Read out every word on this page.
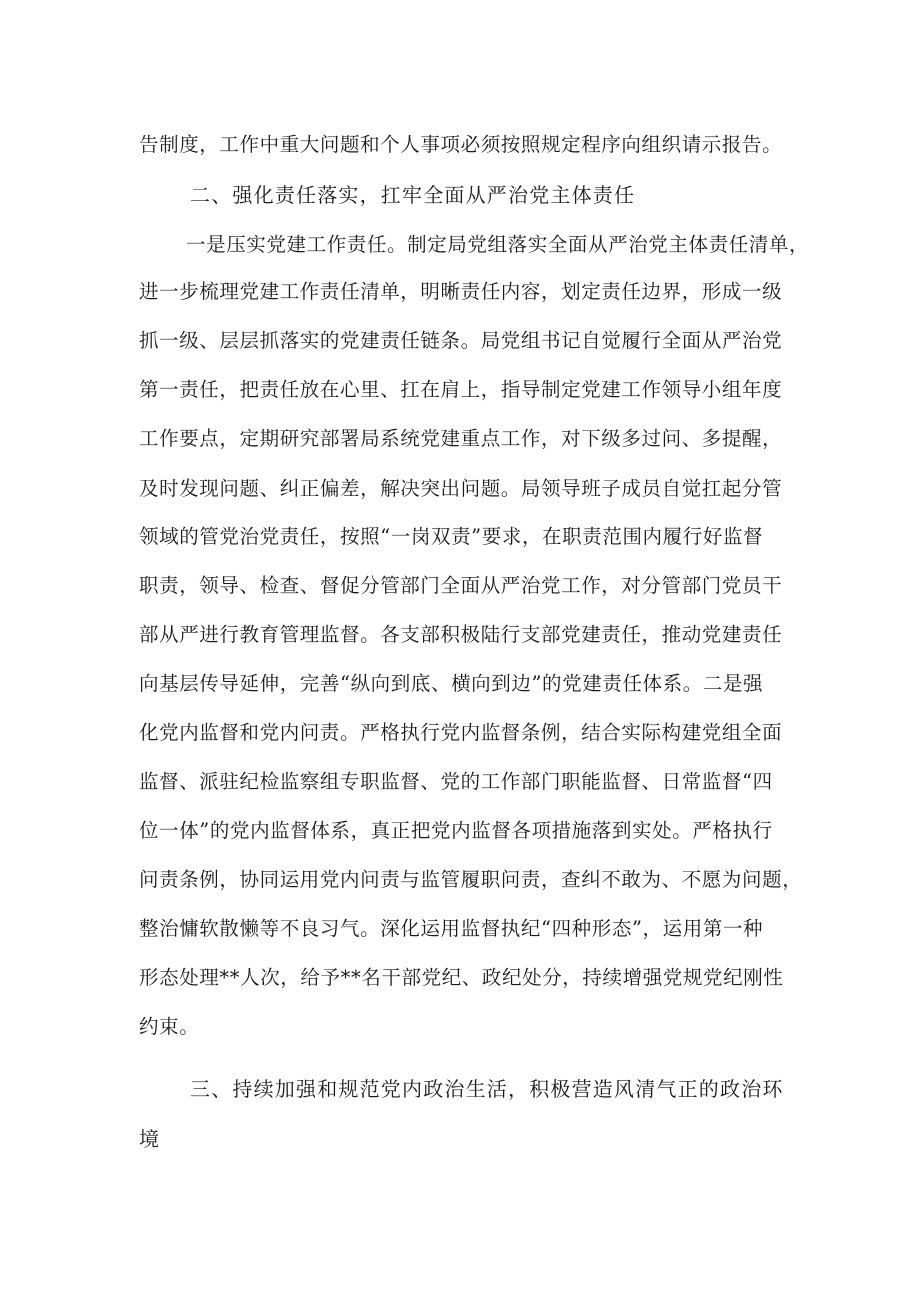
告制度，工作中重大问题和个人事项必须按照规定程序向组织请示报告。
二、强化责任落实，扛牢全面从严治党主体责任
一是压实党建工作责任。制定局党组落实全面从严治党主体责任清单，
进一步梳理党建工作责任清单，明晰责任内容，划定责任边界，形成一级
抓一级、层层抓落实的党建责任链条。局党组书记自觉履行全面从严治党
第一责任，把责任放在心里、扛在肩上，指导制定党建工作领导小组年度
工作要点，定期研究部署局系统党建重点工作，对下级多过问、多提醒，
及时发现问题、纠正偏差，解决突出问题。局领导班子成员自觉扛起分管
领域的管党治党责任，按照“一岗双责”要求，在职责范围内履行好监督
职责，领导、检查、督促分管部门全面从严治党工作，对分管部门党员干
部从严进行教育管理监督。各支部积极陆行支部党建责任，推动党建责任
向基层传导延伸，完善“纵向到底、横向到边”的党建责任体系。二是强
化党内监督和党内问责。严格执行党内监督条例，结合实际构建党组全面
监督、派驻纪检监察组专职监督、党的工作部门职能监督、日常监督“四
位一体”的党内监督体系，真正把党内监督各项措施落到实处。严格执行
问责条例，协同运用党内问责与监管履职问责，查纠不敢为、不愿为问题，
整治慵软散懒等不良习气。深化运用监督执纪“四种形态”，运用第一种
形态处理**人次，给予**名干部党纪、政纪处分，持续增强党规党纪刚性
约束。
三、持续加强和规范党内政治生活，积极营造风清气正的政治环
境
